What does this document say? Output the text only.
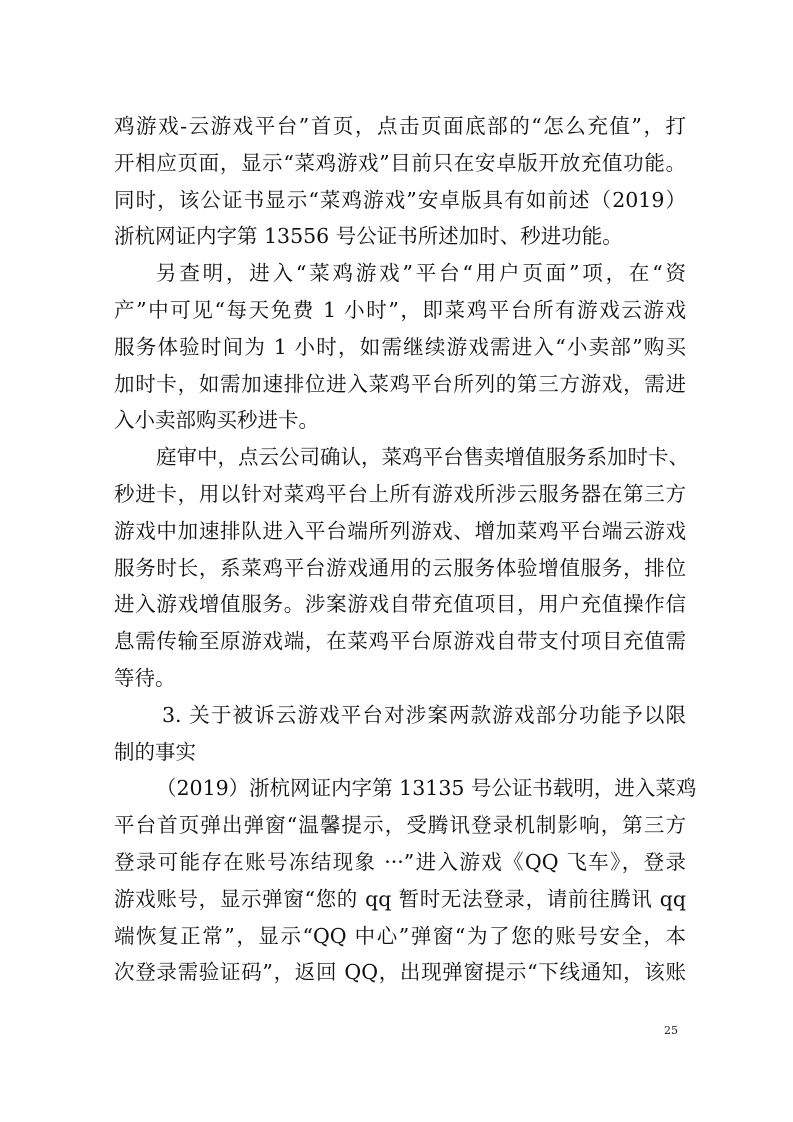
鸡游戏-云游戏平台”首页，点击页面底部的“怎么充值”，打
开相应页面，显示“菜鸡游戏”目前只在安卓版开放充值功能。
同时，该公证书显示“菜鸡游戏”安卓版具有如前述（2019）
浙杭网证内字第 13556 号公证书所述加时、秒进功能。
另查明，进入“菜鸡游戏”平台“用户页面”项，在“资
产”中可见“每天免费 1 小时”，即菜鸡平台所有游戏云游戏
服务体验时间为 1 小时，如需继续游戏需进入“小卖部”购买
加时卡，如需加速排位进入菜鸡平台所列的第三方游戏，需进
入小卖部购买秒进卡。
庭审中，点云公司确认，菜鸡平台售卖增值服务系加时卡、
秒进卡，用以针对菜鸡平台上所有游戏所涉云服务器在第三方
游戏中加速排队进入平台端所列游戏、增加菜鸡平台端云游戏
服务时长，系菜鸡平台游戏通用的云服务体验增值服务，排位
进入游戏增值服务。涉案游戏自带充值项目，用户充值操作信
息需传输至原游戏端，在菜鸡平台原游戏自带支付项目充值需
等待。
3. 关于被诉云游戏平台对涉案两款游戏部分功能予以限
制的事实
（2019）浙杭网证内字第 13135 号公证书载明，进入菜鸡
平台首页弹出弹窗“温馨提示，受腾讯登录机制影响，第三方
登录可能存在账号冻结现象 ···”进入游戏《QQ 飞车》，登录
游戏账号，显示弹窗“您的 qq 暂时无法登录，请前往腾讯 qq
端恢复正常”，显示“QQ 中心”弹窗“为了您的账号安全，本
次登录需验证码”，返回 QQ，出现弹窗提示“下线通知，该账
25
